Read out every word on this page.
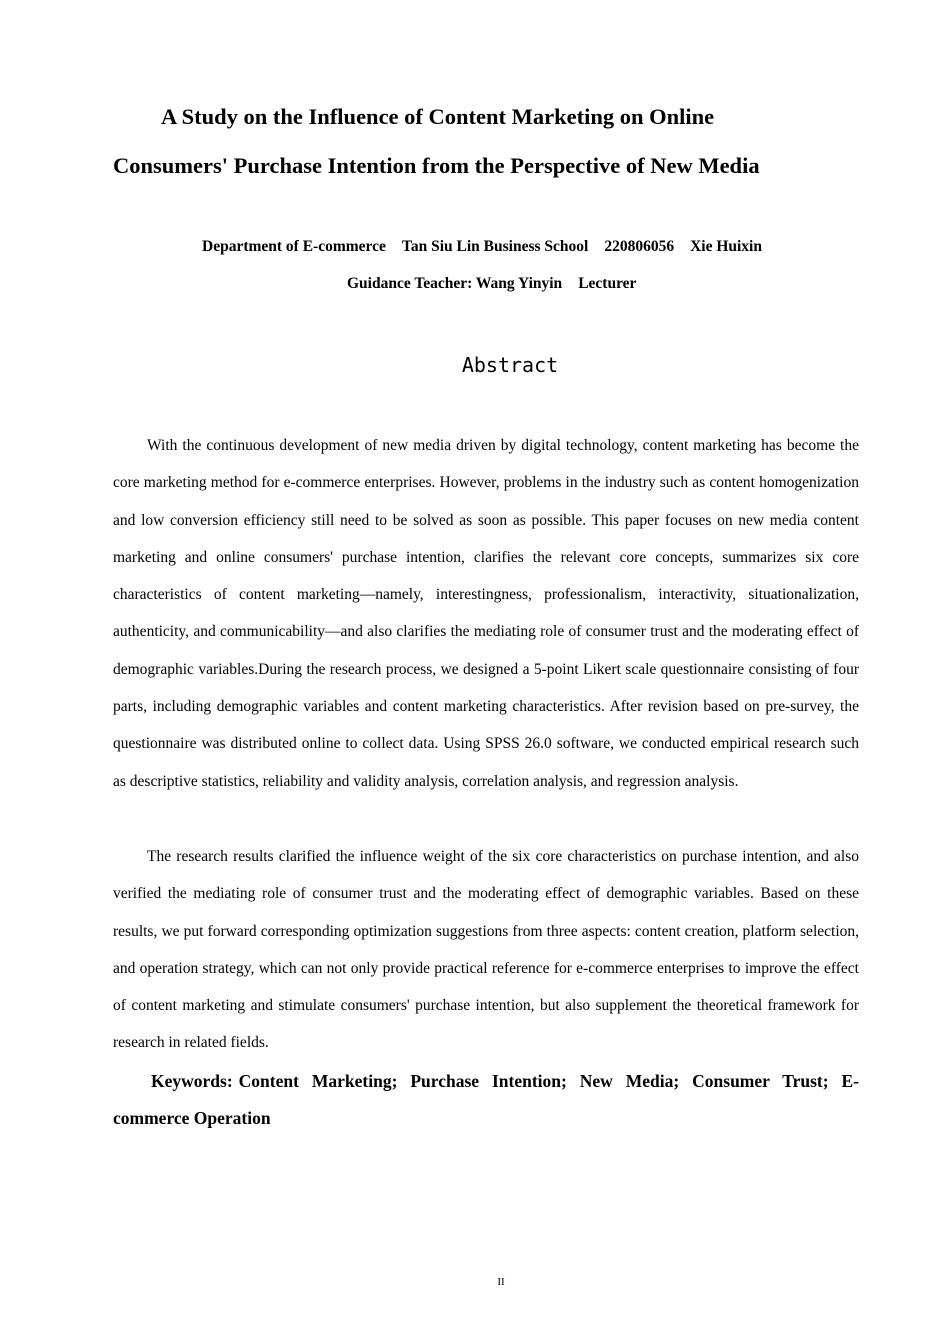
A Study on the Influence of Content Marketing on Online
Consumers' Purchase Intention from the Perspective of New Media
Department of E-commerce Tan Siu Lin Business School 220806056 Xie Huixin
Guidance Teacher: Wang Yinyin Lecturer
Abstract

With the continuous development of new media driven by digital technology, content marketing has become the core marketing method for e-commerce enterprises. However, problems in the industry such as content homogenization and low conversion efficiency still need to be solved as soon as possible. This paper focuses on new media content marketing and online consumers' purchase intention, clarifies the relevant core concepts, summarizes six core characteristics of content marketing—namely, interestingness, professionalism, interactivity, situationalization, authenticity, and communicability—and also clarifies the mediating role of consumer trust and the moderating effect of demographic variables.During the research process, we designed a 5-point Likert scale questionnaire consisting of four parts, including demographic variables and content marketing characteristics. After revision based on pre-survey, the questionnaire was distributed online to collect data. Using SPSS 26.0 software, we conducted empirical research such as descriptive statistics, reliability and validity analysis, correlation analysis, and regression analysis.

The research results clarified the influence weight of the six core characteristics on purchase intention, and also verified the mediating role of consumer trust and the moderating effect of demographic variables. Based on these results, we put forward corresponding optimization suggestions from three aspects: content creation, platform selection, and operation strategy, which can not only provide practical reference for e-commerce enterprises to improve the effect of content marketing and stimulate consumers' purchase intention, but also supplement the theoretical framework for research in related fields.

Keywords: Content Marketing; Purchase Intention; New Media; Consumer Trust; E-commerce Operation
II
